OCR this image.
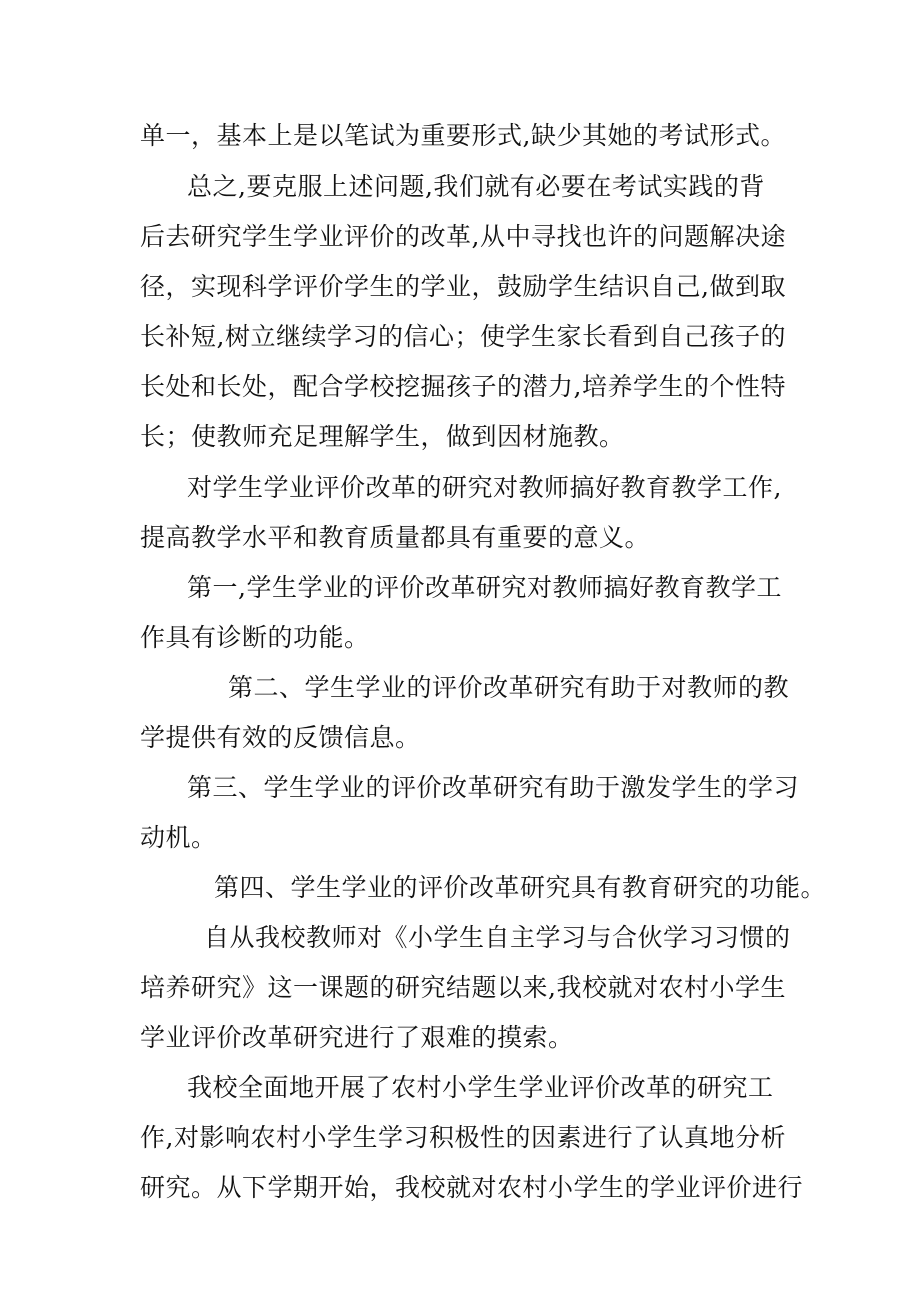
单一，基本上是以笔试为重要形式,缺少其她的考试形式。
总之,要克服上述问题,我们就有必要在考试实践的背
后去研究学生学业评价的改革,从中寻找也许的问题解决途
径，实现科学评价学生的学业，鼓励学生结识自己,做到取
长补短,树立继续学习的信心；使学生家长看到自己孩子的
长处和长处，配合学校挖掘孩子的潜力,培养学生的个性特
长；使教师充足理解学生，做到因材施教。
对学生学业评价改革的研究对教师搞好教育教学工作,
提高教学水平和教育质量都具有重要的意义。
第一,学生学业的评价改革研究对教师搞好教育教学工
作具有诊断的功能。
第二、学生学业的评价改革研究有助于对教师的教
学提供有效的反馈信息。
第三、学生学业的评价改革研究有助于激发学生的学习
动机。
第四、学生学业的评价改革研究具有教育研究的功能。
自从我校教师对《小学生自主学习与合伙学习习惯的
培养研究》这一课题的研究结题以来,我校就对农村小学生
学业评价改革研究进行了艰难的摸索。
我校全面地开展了农村小学生学业评价改革的研究工
作,对影响农村小学生学习积极性的因素进行了认真地分析
研究。从下学期开始，我校就对农村小学生的学业评价进行
